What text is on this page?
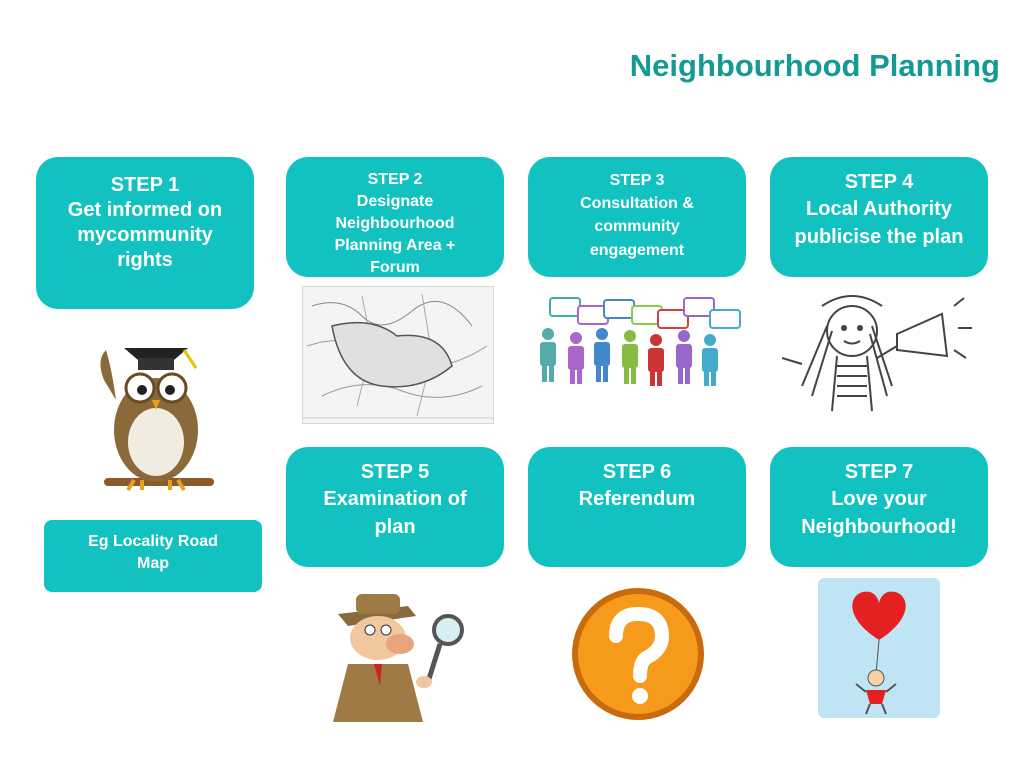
Neighbourhood Planning
STEP 1
Get informed on mycommunity rights
STEP 2
Designate Neighbourhood Planning Area + Forum
STEP 3
Consultation & community engagement
STEP 4
Local Authority publicise the plan
STEP 5
Examination of plan
STEP 6
Referendum
STEP 7
Love your Neighbourhood!
Eg Locality Road Map
